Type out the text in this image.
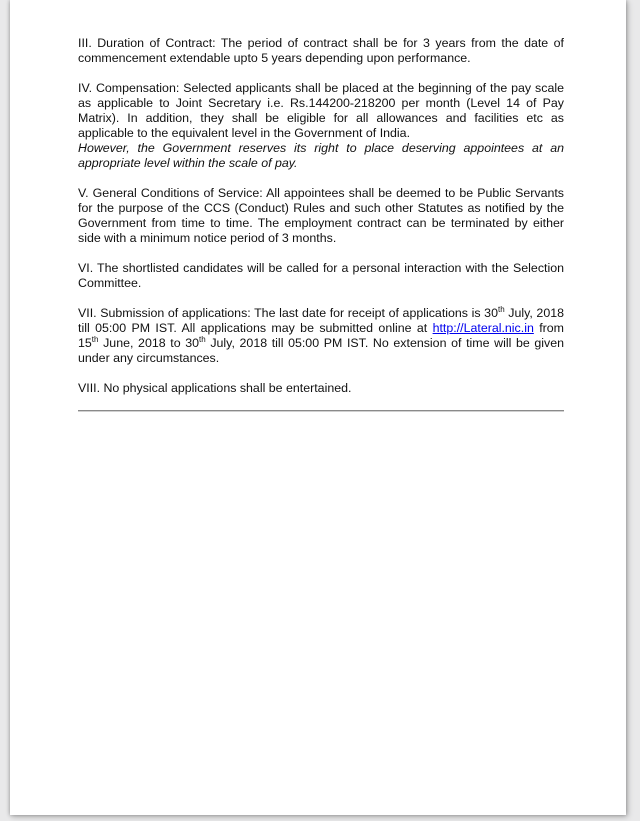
III. Duration of Contract: The period of contract shall be for 3 years from the date of commencement extendable upto 5 years depending upon performance.

IV. Compensation: Selected applicants shall be placed at the beginning of the pay scale as applicable to Joint Secretary i.e. Rs.144200-218200 per month (Level 14 of Pay Matrix). In addition, they shall be eligible for all allowances and facilities etc as applicable to the equivalent level in the Government of India.
However, the Government reserves its right to place deserving appointees at an appropriate level within the scale of pay.

V. General Conditions of Service: All appointees shall be deemed to be Public Servants for the purpose of the CCS (Conduct) Rules and such other Statutes as notified by the Government from time to time. The employment contract can be terminated by either side with a minimum notice period of 3 months.

VI. The shortlisted candidates will be called for a personal interaction with the Selection Committee.

VII. Submission of applications: The last date for receipt of applications is 30th July, 2018 till 05:00 PM IST. All applications may be submitted online at http://Lateral.nic.in from 15th June, 2018 to 30th July, 2018 till 05:00 PM IST. No extension of time will be given under any circumstances.

VIII. No physical applications shall be entertained.
